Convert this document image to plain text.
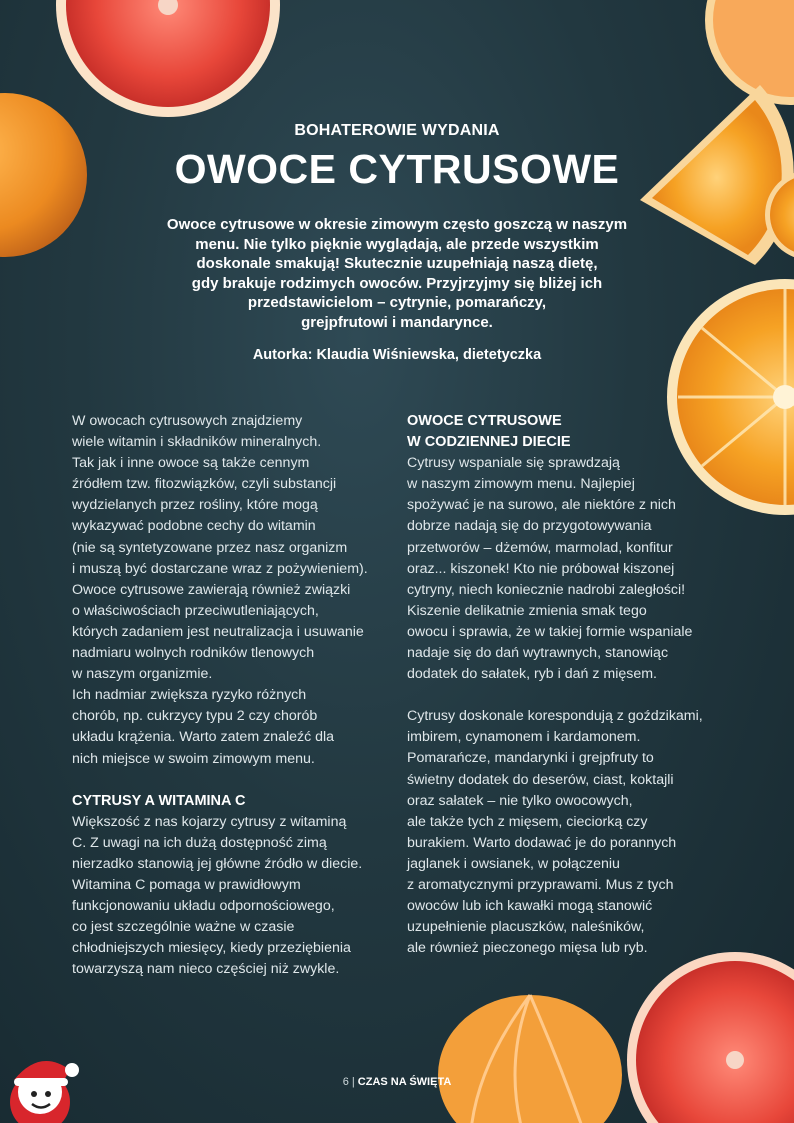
BOHATEROWIE WYDANIA
OWOCE CYTRUSOWE
Owoce cytrusowe w okresie zimowym często goszczą w naszym
menu. Nie tylko pięknie wyglądają, ale przede wszystkim
doskonale smakują! Skutecznie uzupełniają naszą dietę,
gdy brakuje rodzimych owoców. Przyjrzyjmy się bliżej ich
przedstawicielom – cytrynie, pomarańczy,
grejpfrutowi i mandarynce.
Autorka: Klaudia Wiśniewska, dietetyczka

W owocach cytrusowych znajdziemy
wiele witamin i składników mineralnych.
Tak jak i inne owoce są także cennym
źródłem tzw. fitozwiązków, czyli substancji
wydzielanych przez rośliny, które mogą
wykazywać podobne cechy do witamin
(nie są syntetyzowane przez nasz organizm
i muszą być dostarczane wraz z pożywieniem).
Owoce cytrusowe zawierają również związki
o właściwościach przeciwutleniających,
których zadaniem jest neutralizacja i usuwanie
nadmiaru wolnych rodników tlenowych
w naszym organizmie.
Ich nadmiar zwiększa ryzyko różnych
chorób, np. cukrzycy typu 2 czy chorób
układu krążenia. Warto zatem znaleźć dla
nich miejsce w swoim zimowym menu.

CYTRUSY A WITAMINA C

Większość z nas kojarzy cytrusy z witaminą
C. Z uwagi na ich dużą dostępność zimą
nierzadko stanowią jej główne źródło w diecie.
Witamina C pomaga w prawidłowym
funkcjonowaniu układu odpornościowego,
co jest szczególnie ważne w czasie
chłodniejszych miesięcy, kiedy przeziębienia
towarzyszą nam nieco częściej niż zwykle.

OWOCE CYTRUSOWE
W CODZIENNEJ DIECIE

Cytrusy wspaniale się sprawdzają
w naszym zimowym menu. Najlepiej
spożywać je na surowo, ale niektóre z nich
dobrze nadają się do przygotowywania
przetworów – dżemów, marmolad, konfitur
oraz... kiszonek! Kto nie próbował kiszonej
cytryny, niech koniecznie nadrobi zaległości!
Kiszenie delikatnie zmienia smak tego
owocu i sprawia, że w takiej formie wspaniale
nadaje się do dań wytrawnych, stanowiąc
dodatek do sałatek, ryb i dań z mięsem.

Cytrusy doskonale korespondują z goździkami,
imbirem, cynamonem i kardamonem.
Pomarańcze, mandarynki i grejpfruty to
świetny dodatek do deserów, ciast, koktajli
oraz sałatek – nie tylko owocowych,
ale także tych z mięsem, cieciorką czy
burakiem. Warto dodawać je do porannych
jaglanek i owsianek, w połączeniu
z aromatycznymi przyprawami. Mus z tych
owoców lub ich kawałki mogą stanowić
uzupełnienie placuszków, naleśników,
ale również pieczonego mięsa lub ryb.

6 | CZAS NA ŚWIĘTA
